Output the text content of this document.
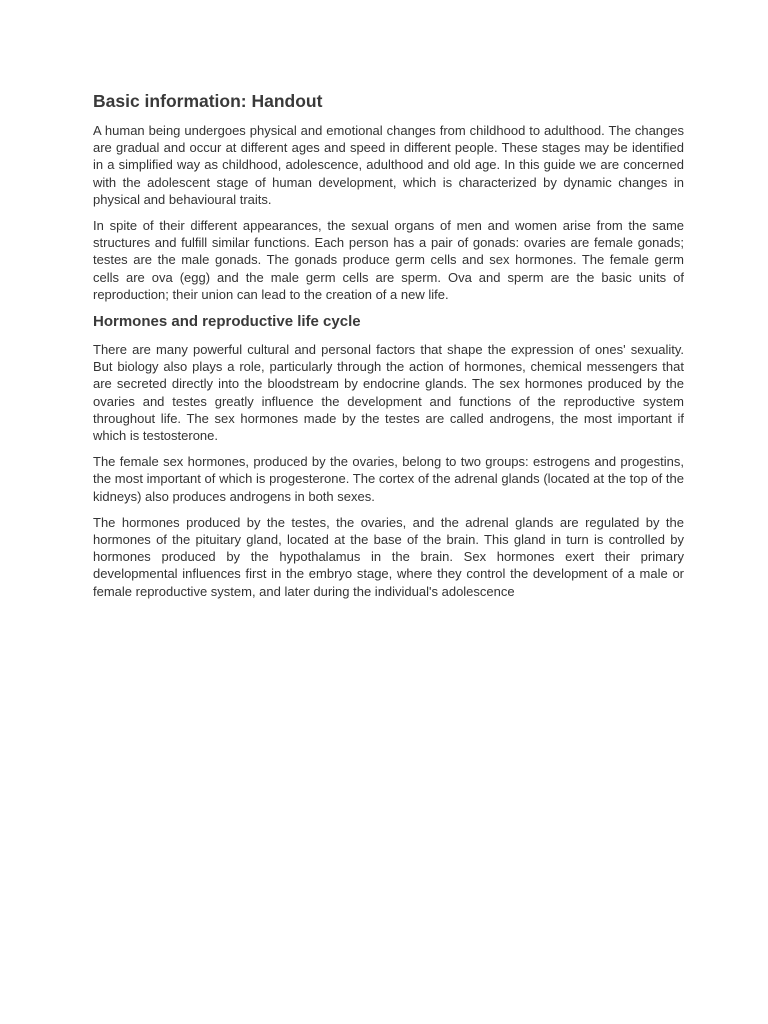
Basic information: Handout

A human being undergoes physical and emotional changes from childhood to adulthood. The changes are gradual and occur at different ages and speed in different people. These stages may be identified in a simplified way as childhood, adolescence, adulthood and old age. In this guide we are concerned with the adolescent stage of human development, which is characterized by dynamic changes in physical and behavioural traits.

In spite of their different appearances, the sexual organs of men and women arise from the same structures and fulfill similar functions. Each person has a pair of gonads: ovaries are female gonads; testes are the male gonads. The gonads produce germ cells and sex hormones. The female germ cells are ova (egg) and the male germ cells are sperm. Ova and sperm are the basic units of reproduction; their union can lead to the creation of a new life.

Hormones and reproductive life cycle

There are many powerful cultural and personal factors that shape the expression of ones' sexuality. But biology also plays a role, particularly through the action of hormones, chemical messengers that are secreted directly into the bloodstream by endocrine glands. The sex hormones produced by the ovaries and testes greatly influence the development and functions of the reproductive system throughout life. The sex hormones made by the testes are called androgens, the most important if which is testosterone.

The female sex hormones, produced by the ovaries, belong to two groups: estrogens and progestins, the most important of which is progesterone. The cortex of the adrenal glands (located at the top of the kidneys) also produces androgens in both sexes.

The hormones produced by the testes, the ovaries, and the adrenal glands are regulated by the hormones of the pituitary gland, located at the base of the brain. This gland in turn is controlled by hormones produced by the hypothalamus in the brain. Sex hormones exert their primary developmental influences first in the embryo stage, where they control the development of a male or female reproductive system, and later during the individual's adolescence
